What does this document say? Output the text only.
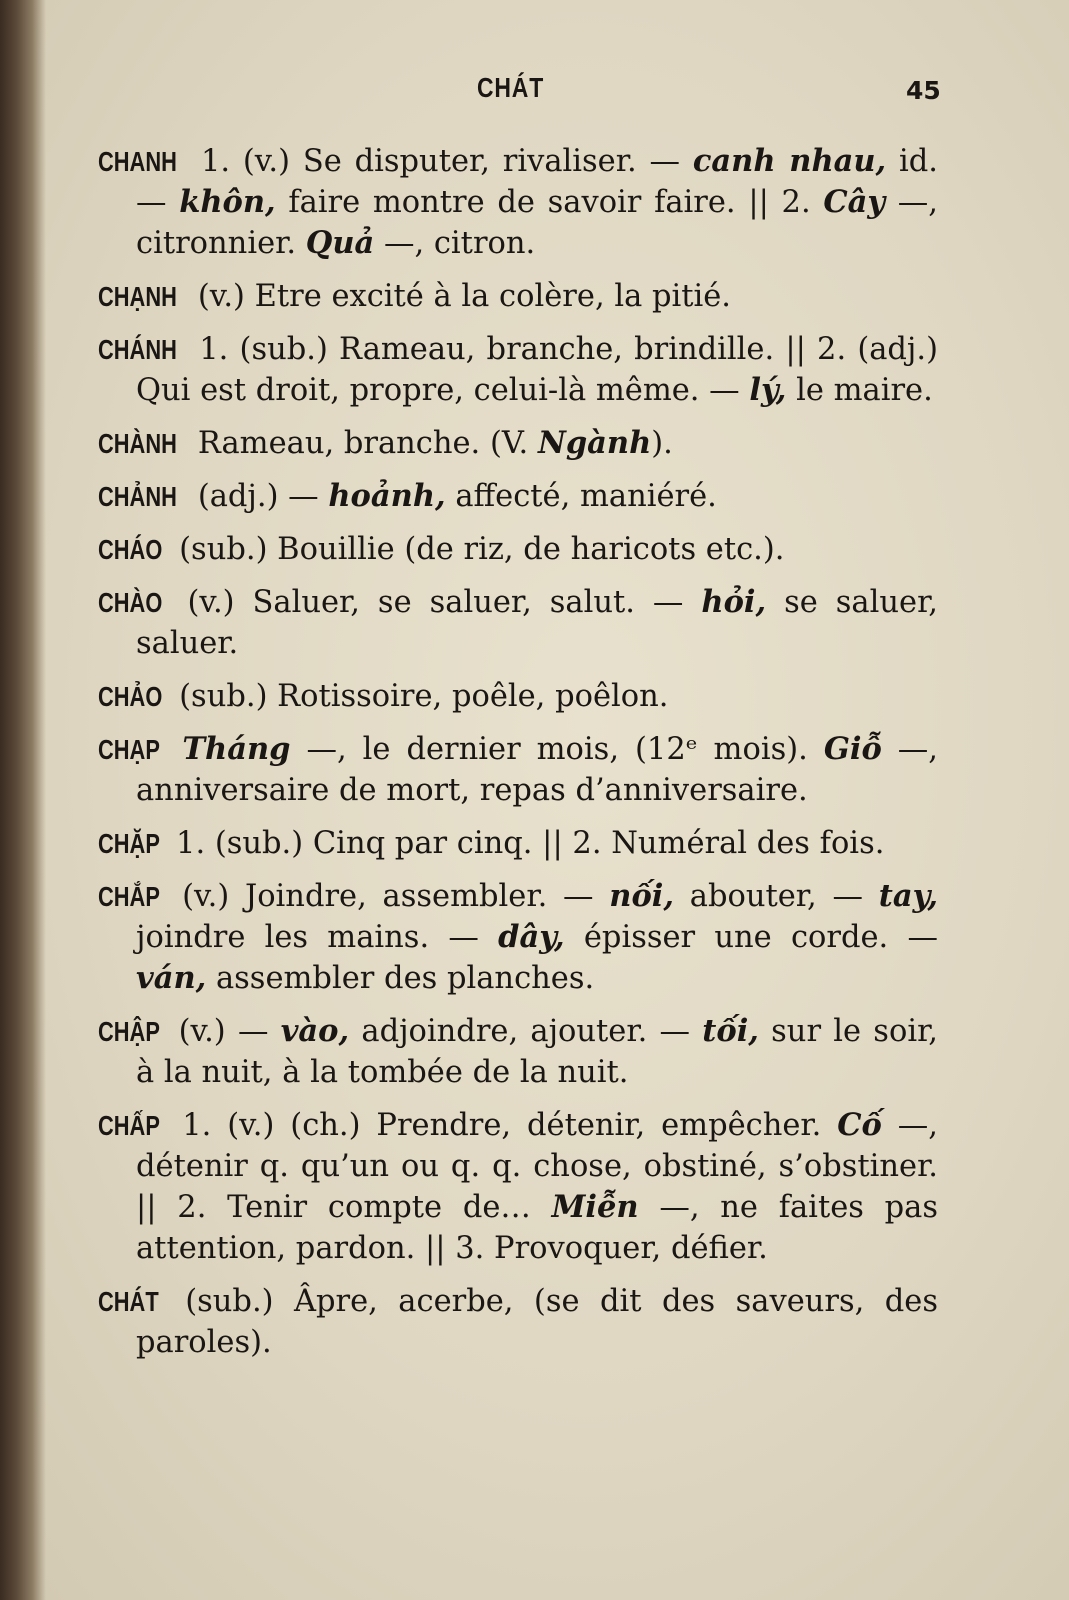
CHÁT	45
CHANH 1. (v.) Se disputer, rivaliser. — canh nhau, id. — khôn, faire montre de savoir faire. || 2. Cây —, citronnier. Quả —, citron.
CHẠNH (v.) Etre excité à la colère, la pitié.
CHÁNH 1. (sub.) Rameau, branche, brindille. || 2. (adj.) Qui est droit, propre, celui-là même. — lý, le maire.
CHÀNH Rameau, branche. (V. Ngành).
CHẢNH (adj.) — hoảnh, affecté, maniéré.
CHÁO (sub.) Bouillie (de riz, de haricots etc.).
CHÀO (v.) Saluer, se saluer, salut. — hỏi, se saluer, saluer.
CHẢO (sub.) Rotissoire, poêle, poêlon.
CHẠP Tháng —, le dernier mois, (12ᵉ mois). Giỗ —, anniversaire de mort, repas d’anniversaire.
CHẶP 1. (sub.) Cinq par cinq. || 2. Numéral des fois.
CHẮP (v.) Joindre, assembler. — nối, abouter, — tay, joindre les mains. — dây, épisser une corde. — ván, assembler des planches.
CHẬP (v.) — vào, adjoindre, ajouter. — tối, sur le soir, à la nuit, à la tombée de la nuit.
CHẤP 1. (v.) (ch.) Prendre, détenir, empêcher. Cố —, détenir q. qu’un ou q. q. chose, obstiné, s’obstiner. || 2. Tenir compte de… Miễn —, ne faites pas attention, pardon. || 3. Provoquer, défier.
CHÁT (sub.) Âpre, acerbe, (se dit des saveurs, des paroles).
